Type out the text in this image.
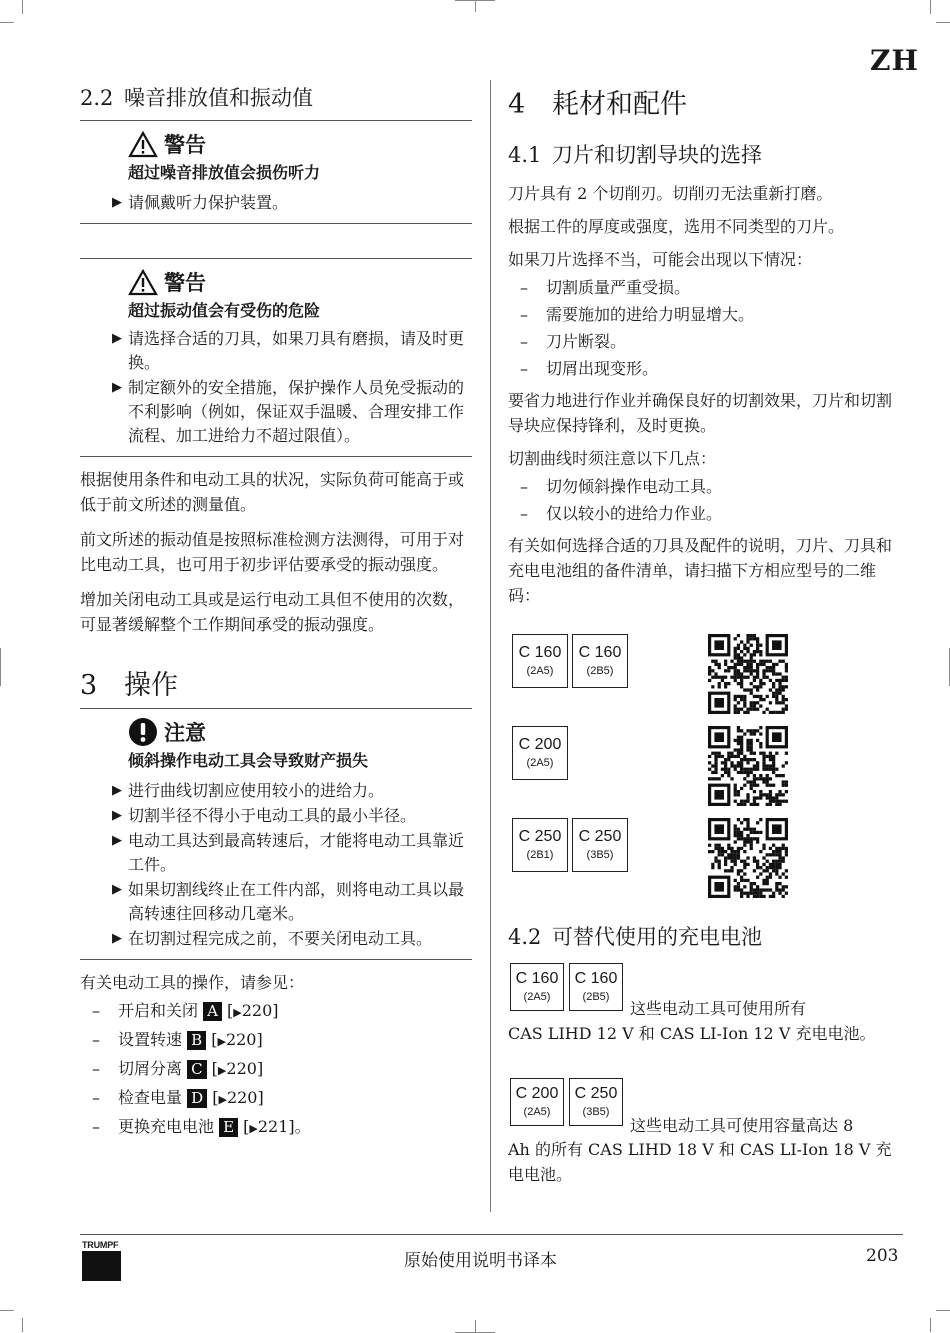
ZH
2.2 噪音排放值和振动值
警告
超过噪音排放值会损伤听力
▶ 请佩戴听力保护装置。
警告
超过振动值会有受伤的危险
▶ 请选择合适的刀具，如果刀具有磨损，请及时更换。
▶ 制定额外的安全措施，保护操作人员免受振动的不利影响（例如，保证双手温暖、合理安排工作流程、加工进给力不超过限值）。

根据使用条件和电动工具的状况，实际负荷可能高于或低于前文所述的测量值。

前文所述的振动值是按照标准检测方法测得，可用于对比电动工具，也可用于初步评估要承受的振动强度。

增加关闭电动工具或是运行电动工具但不使用的次数，可显著缓解整个工作期间承受的振动强度。

3 操作
注意
倾斜操作电动工具会导致财产损失
▶ 进行曲线切割应使用较小的进给力。
▶ 切割半径不得小于电动工具的最小半径。
▶ 电动工具达到最高转速后，才能将电动工具靠近工件。
▶ 如果切割线终止在工件内部，则将电动工具以最高转速往回移动几毫米。
▶ 在切割过程完成之前，不要关闭电动工具。

有关电动工具的操作，请参见：

– 开启和关闭 A [▶220]
– 设置转速 B [▶220]
– 切屑分离 C [▶220]
– 检查电量 D [▶220]
– 更换充电电池 E [▶221]。
4 耗材和配件
4.1 刀片和切割导块的选择

刀片具有 2 个切削刃。切削刃无法重新打磨。

根据工件的厚度或强度，选用不同类型的刀片。

如果刀片选择不当，可能会出现以下情况：

– 切割质量严重受损。
– 需要施加的进给力明显增大。
– 刀片断裂。
– 切屑出现变形。

要省力地进行作业并确保良好的切割效果，刀片和切割导块应保持锋利，及时更换。

切割曲线时须注意以下几点：

– 切勿倾斜操作电动工具。
– 仅以较小的进给力作业。

有关如何选择合适的刀具及配件的说明，刀片、刀具和充电电池组的备件清单，请扫描下方相应型号的二维码：

C 160
(2A5)
C 160
(2B5)
C 200
(2A5)
C 250
(2B1)
C 250
(3B5)
4.2 可替代使用的充电电池
C 160
(2A5)
C 160
(2B5)
这些电动工具可使用所有
CAS LIHD 12 V 和 CAS LI-Ion 12 V 充电电池。
C 200
(2A5)
C 250
(3B5)
这些电动工具可使用容量高达 8
Ah 的所有 CAS LIHD 18 V 和 CAS LI-Ion 18 V 充电电池。
TRUMPF
原始使用说明书译本	203
